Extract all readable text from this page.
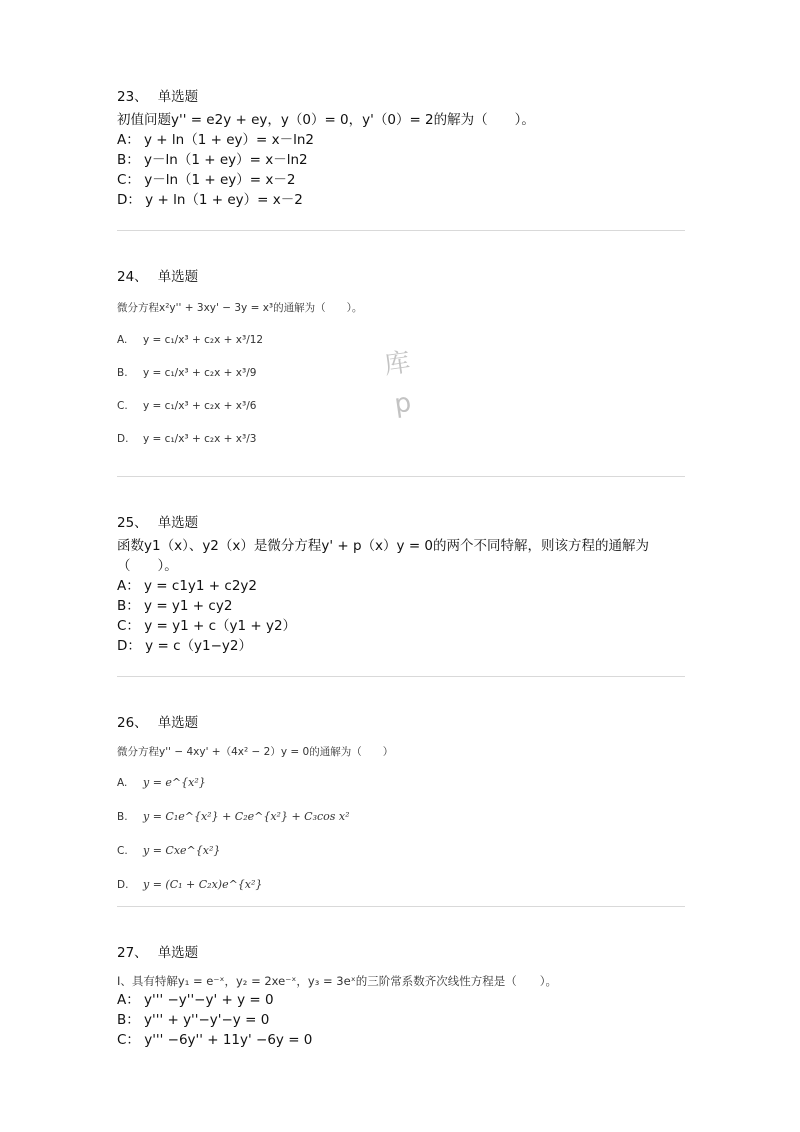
23、 单选题
初值问题y'' = e2y + ey，y（0）= 0，y'（0）= 2的解为（　　）。
A： y + ln（1 + ey）= x－ln2
B： y－ln（1 + ey）= x－ln2
C： y－ln（1 + ey）= x－2
D： y + ln（1 + ey）= x－2
24、 单选题
微分方程x²y'' + 3xy' − 3y = x³的通解为（　　）。
A. y = c₁/x³ + c₂x + x³/12
B. y = c₁/x³ + c₂x + x³/9
C. y = c₁/x³ + c₂x + x³/6
D. y = c₁/x³ + c₂x + x³/3
库
p
25、 单选题
函数y1（x）、y2（x）是微分方程y' + p（x）y = 0的两个不同特解，则该方程的通解为（　　）。
A： y = c1y1 + c2y2
B： y = y1 + cy2
C： y = y1 + c（y1 + y2）
D： y = c（y1−y2）
26、 单选题
微分方程y'' − 4xy' +（4x² − 2）y = 0的通解为（　　）
A. y = e^{x²}
B. y = C₁e^{x²} + C₂e^{x²} + C₃cos x²
C. y = Cxe^{x²}
D. y = (C₁ + C₂x)e^{x²}
27、 单选题
I、具有特解y₁ = e⁻ˣ，y₂ = 2xe⁻ˣ，y₃ = 3eˣ的三阶常系数齐次线性方程是（　　）。
A： y''' −y''−y' + y = 0
B： y''' + y''−y'−y = 0
C： y''' −6y'' + 11y' −6y = 0
